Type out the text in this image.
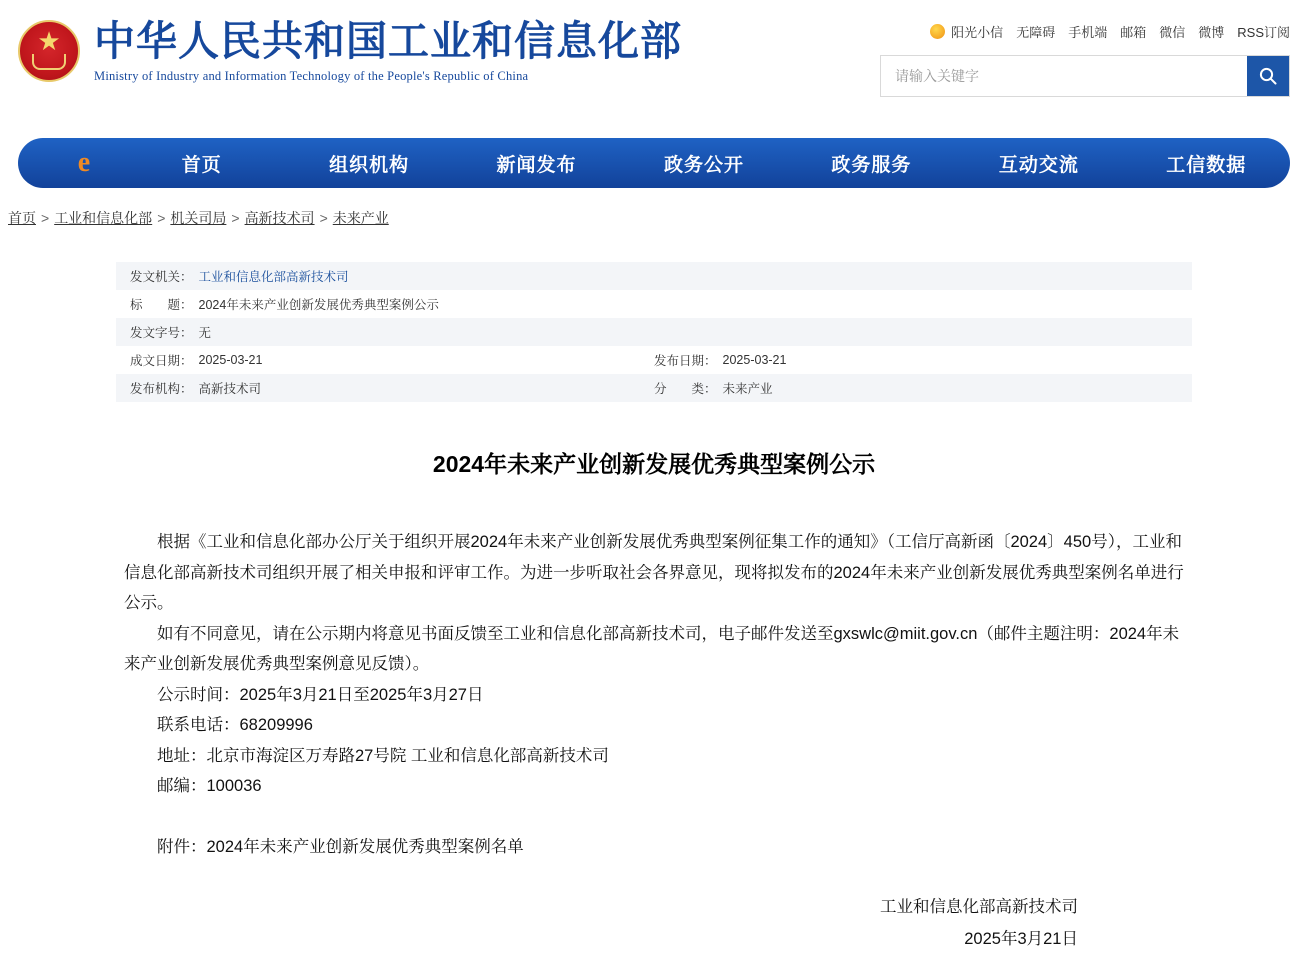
★
中华人民共和国工业和信息化部
Ministry of Industry and Information Technology of the People's Republic of China
阳光小信 无障碍 手机端 邮箱 微信 微博 RSS订阅
请输入关键字
e	首页	组织机构	新闻发布	政务公开	政务服务	互动交流	工信数据
首页 > 工业和信息化部 > 机关司局 > 高新技术司 > 未来产业
发文机关： 工业和信息化部高新技术司
标　　题： 2024年未来产业创新发展优秀典型案例公示
发文字号： 无
成文日期： 2025-03-21	发布日期： 2025-03-21
发布机构： 高新技术司	分　　类： 未来产业
2024年未来产业创新发展优秀典型案例公示

根据《工业和信息化部办公厅关于组织开展2024年未来产业创新发展优秀典型案例征集工作的通知》（工信厅高新函〔2024〕450号），工业和信息化部高新技术司组织开展了相关申报和评审工作。为进一步听取社会各界意见，现将拟发布的2024年未来产业创新发展优秀典型案例名单进行公示。

如有不同意见，请在公示期内将意见书面反馈至工业和信息化部高新技术司，电子邮件发送至gxswlc@miit.gov.cn（邮件主题注明：2024年未来产业创新发展优秀典型案例意见反馈）。

公示时间：2025年3月21日至2025年3月27日

联系电话：68209996

地址：北京市海淀区万寿路27号院 工业和信息化部高新技术司

邮编：100036

附件：2024年未来产业创新发展优秀典型案例名单

工业和信息化部高新技术司
2025年3月21日
